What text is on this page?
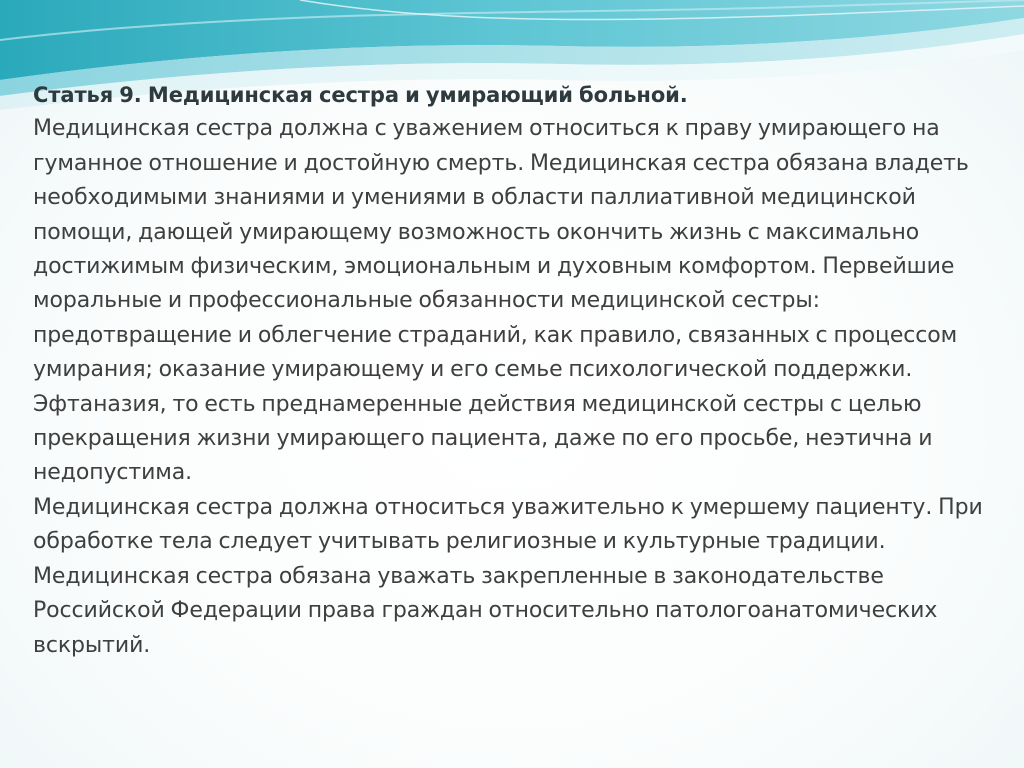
Статья 9. Медицинская сестра и умирающий больной.

Медицинская сестра должна с уважением относиться к праву умирающего на гуманное отношение и достойную смерть. Медицинская сестра обязана владеть необходимыми знаниями и умениями в области паллиативной медицинской помощи, дающей умирающему возможность окончить жизнь с максимально достижимым физическим, эмоциональным и духовным комфортом. Первейшие моральные и профессиональные обязанности медицинской сестры: предотвращение и облегчение страданий, как правило, связанных с процессом умирания; оказание умирающему и его семье психологической поддержки. Эфтаназия, то есть преднамеренные действия медицинской сестры с целью прекращения жизни умирающего пациента, даже по его просьбе, неэтична и недопустима.

Медицинская сестра должна относиться уважительно к умершему пациенту. При обработке тела следует учитывать религиозные и культурные традиции. Медицинская сестра обязана уважать закрепленные в законодательстве Российской Федерации права граждан относительно патологоанатомических вскрытий.
